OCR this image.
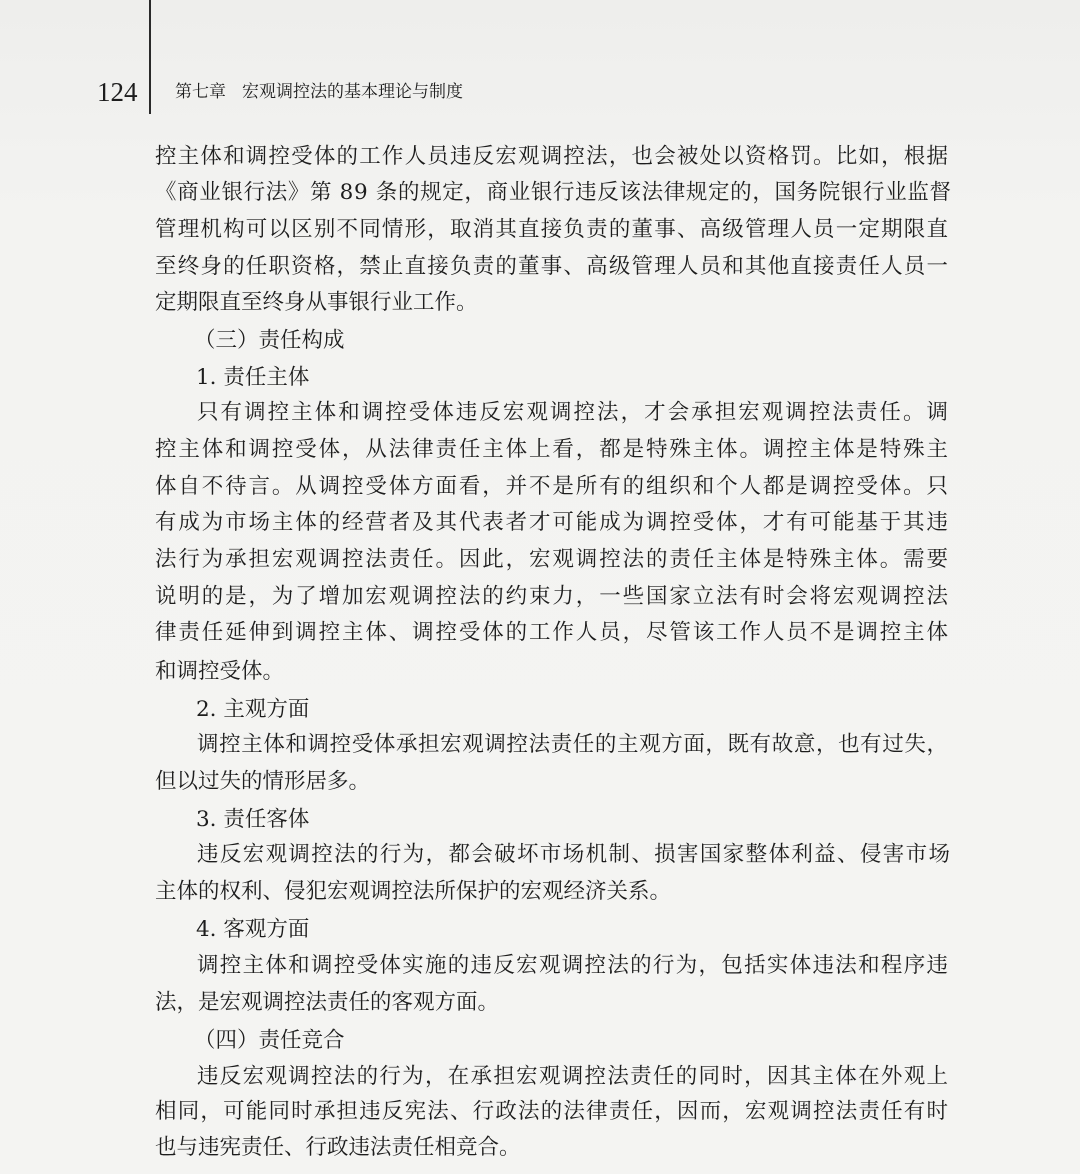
124 第七章 宏观调控法的基本理论与制度
控主体和调控受体的工作人员违反宏观调控法，也会被处以资格罚。比如，根据
《商业银行法》第 89 条的规定，商业银行违反该法律规定的，国务院银行业监督
管理机构可以区别不同情形，取消其直接负责的董事、高级管理人员一定期限直
至终身的任职资格，禁止直接负责的董事、高级管理人员和其他直接责任人员一
定期限直至终身从事银行业工作。
（三）责任构成
1. 责任主体
只有调控主体和调控受体违反宏观调控法，才会承担宏观调控法责任。调
控主体和调控受体，从法律责任主体上看，都是特殊主体。调控主体是特殊主
体自不待言。从调控受体方面看，并不是所有的组织和个人都是调控受体。只
有成为市场主体的经营者及其代表者才可能成为调控受体，才有可能基于其违
法行为承担宏观调控法责任。因此，宏观调控法的责任主体是特殊主体。需要
说明的是，为了增加宏观调控法的约束力，一些国家立法有时会将宏观调控法
律责任延伸到调控主体、调控受体的工作人员，尽管该工作人员不是调控主体
和调控受体。
2. 主观方面
调控主体和调控受体承担宏观调控法责任的主观方面，既有故意，也有过失，
但以过失的情形居多。
3. 责任客体
违反宏观调控法的行为，都会破坏市场机制、损害国家整体利益、侵害市场
主体的权利、侵犯宏观调控法所保护的宏观经济关系。
4. 客观方面
调控主体和调控受体实施的违反宏观调控法的行为，包括实体违法和程序违
法，是宏观调控法责任的客观方面。
（四）责任竞合
违反宏观调控法的行为，在承担宏观调控法责任的同时，因其主体在外观上
相同，可能同时承担违反宪法、行政法的法律责任，因而，宏观调控法责任有时
也与违宪责任、行政违法责任相竞合。
